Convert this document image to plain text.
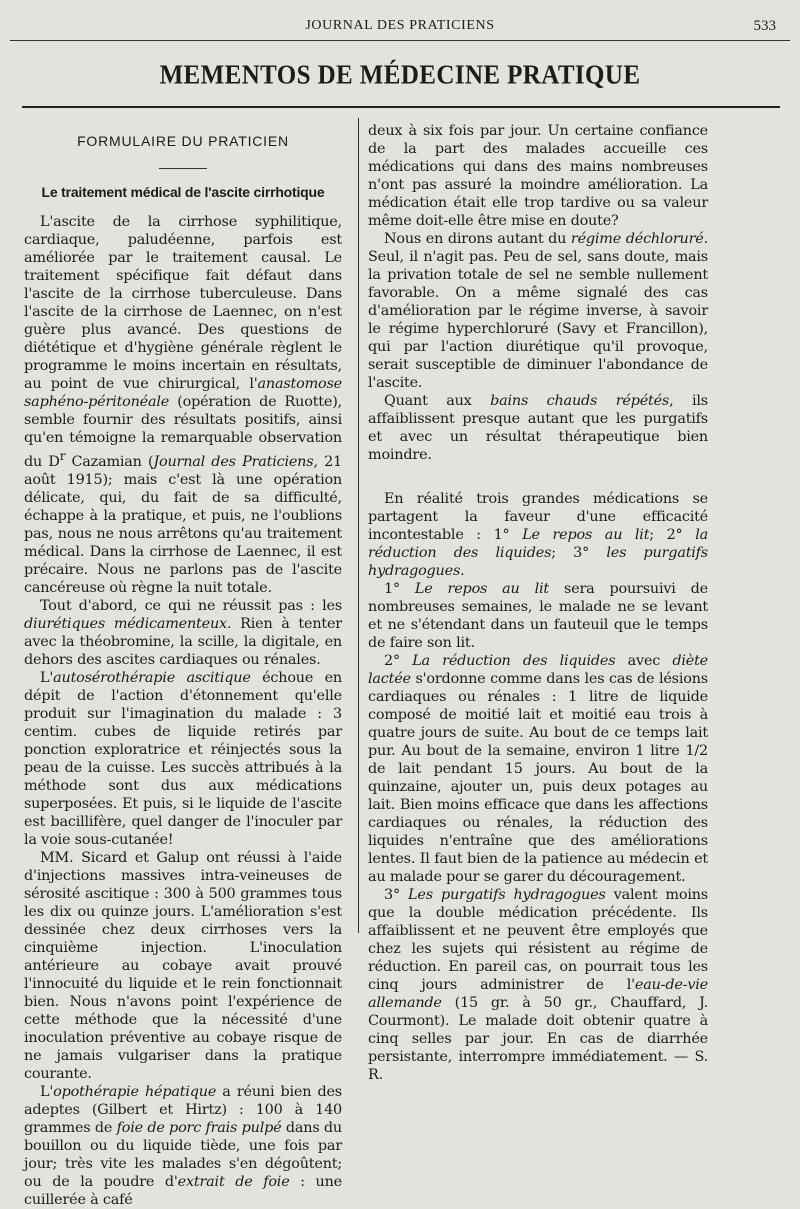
JOURNAL DES PRATICIENS	533
MEMENTOS DE MÉDECINE PRATIQUE
FORMULAIRE DU PRATICIEN
Le traitement médical de l'ascite cirrhotique

L'ascite de la cirrhose syphilitique, cardiaque, paludéenne, parfois est améliorée par le traitement causal. Le traitement spécifique fait défaut dans l'ascite de la cirrhose tuberculeuse. Dans l'ascite de la cirrhose de Laennec, on n'est guère plus avancé. Des questions de diététique et d'hygiène générale règlent le programme le moins incertain en résultats, au point de vue chirurgical, l'anastomose saphéno-péritonéale (opération de Ruotte), semble fournir des résultats positifs, ainsi qu'en témoigne la remarquable observation du $D^r$ Cazamian (Journal des Praticiens, 21 août 1915); mais c'est là une opération délicate, qui, du fait de sa difficulté, échappe à la pratique, et puis, ne l'oublions pas, nous ne nous arrêtons qu'au traitement médical. Dans la cirrhose de Laennec, il est précaire. Nous ne parlons pas de l'ascite cancéreuse où règne la nuit totale.

Tout d'abord, ce qui ne réussit pas : les diurétiques médicamenteux. Rien à tenter avec la théobromine, la scille, la digitale, en dehors des ascites cardiaques ou rénales.

L'autosérothérapie ascitique échoue en dépit de l'action d'étonnement qu'elle produit sur l'imagination du malade : 3 centim. cubes de liquide retirés par ponction exploratrice et réinjectés sous la peau de la cuisse. Les succès attribués à la méthode sont dus aux médications superposées. Et puis, si le liquide de l'ascite est bacillifère, quel danger de l'inoculer par la voie sous-cutanée!

MM. Sicard et Galup ont réussi à l'aide d'injections massives intra-veineuses de sérosité ascitique : 300 à 500 grammes tous les dix ou quinze jours. L'amélioration s'est dessinée chez deux cirrhoses vers la cinquième injection. L'inoculation antérieure au cobaye avait prouvé l'innocuité du liquide et le rein fonctionnait bien. Nous n'avons point l'expérience de cette méthode que la nécessité d'une inoculation préventive au cobaye risque de ne jamais vulgariser dans la pratique courante.

L'opothérapie hépatique a réuni bien des adeptes (Gilbert et Hirtz) : 100 à 140 grammes de foie de porc frais pulpé dans du bouillon ou du liquide tiède, une fois par jour; très vite les malades s'en dégoûtent; ou de la poudre d'extrait de foie : une cuillerée à café

deux à six fois par jour. Un certaine confiance de la part des malades accueille ces médications qui dans des mains nombreuses n'ont pas assuré la moindre amélioration. La médication était elle trop tardive ou sa valeur même doit-elle être mise en doute?

Nous en dirons autant du régime déchloruré. Seul, il n'agit pas. Peu de sel, sans doute, mais la privation totale de sel ne semble nullement favorable. On a même signalé des cas d'amélioration par le régime inverse, à savoir le régime hyperchloruré (Savy et Francillon), qui par l'action diurétique qu'il provoque, serait susceptible de diminuer l'abondance de l'ascite.

Quant aux bains chauds répétés, ils affaiblissent presque autant que les purgatifs et avec un résultat thérapeutique bien moindre.

En réalité trois grandes médications se partagent la faveur d'une efficacité incontestable : 1° Le repos au lit; 2° la réduction des liquides; 3° les purgatifs hydragogues.

1° Le repos au lit sera poursuivi de nombreuses semaines, le malade ne se levant et ne s'étendant dans un fauteuil que le temps de faire son lit.

2° La réduction des liquides avec diète lactée s'ordonne comme dans les cas de lésions cardiaques ou rénales : 1 litre de liquide composé de moitié lait et moitié eau trois à quatre jours de suite. Au bout de ce temps lait pur. Au bout de la semaine, environ 1 litre 1/2 de lait pendant 15 jours. Au bout de la quinzaine, ajouter un, puis deux potages au lait. Bien moins efficace que dans les affections cardiaques ou rénales, la réduction des liquides n'entraîne que des améliorations lentes. Il faut bien de la patience au médecin et au malade pour se garer du découragement.

3° Les purgatifs hydragogues valent moins que la double médication précédente. Ils affaiblissent et ne peuvent être employés que chez les sujets qui résistent au régime de réduction. En pareil cas, on pourrait tous les cinq jours administrer de l'eau-de-vie allemande (15 gr. à 50 gr., Chauffard, J. Courmont). Le malade doit obtenir quatre à cinq selles par jour. En cas de diarrhée persistante, interrompre immédiatement. — S. R.
